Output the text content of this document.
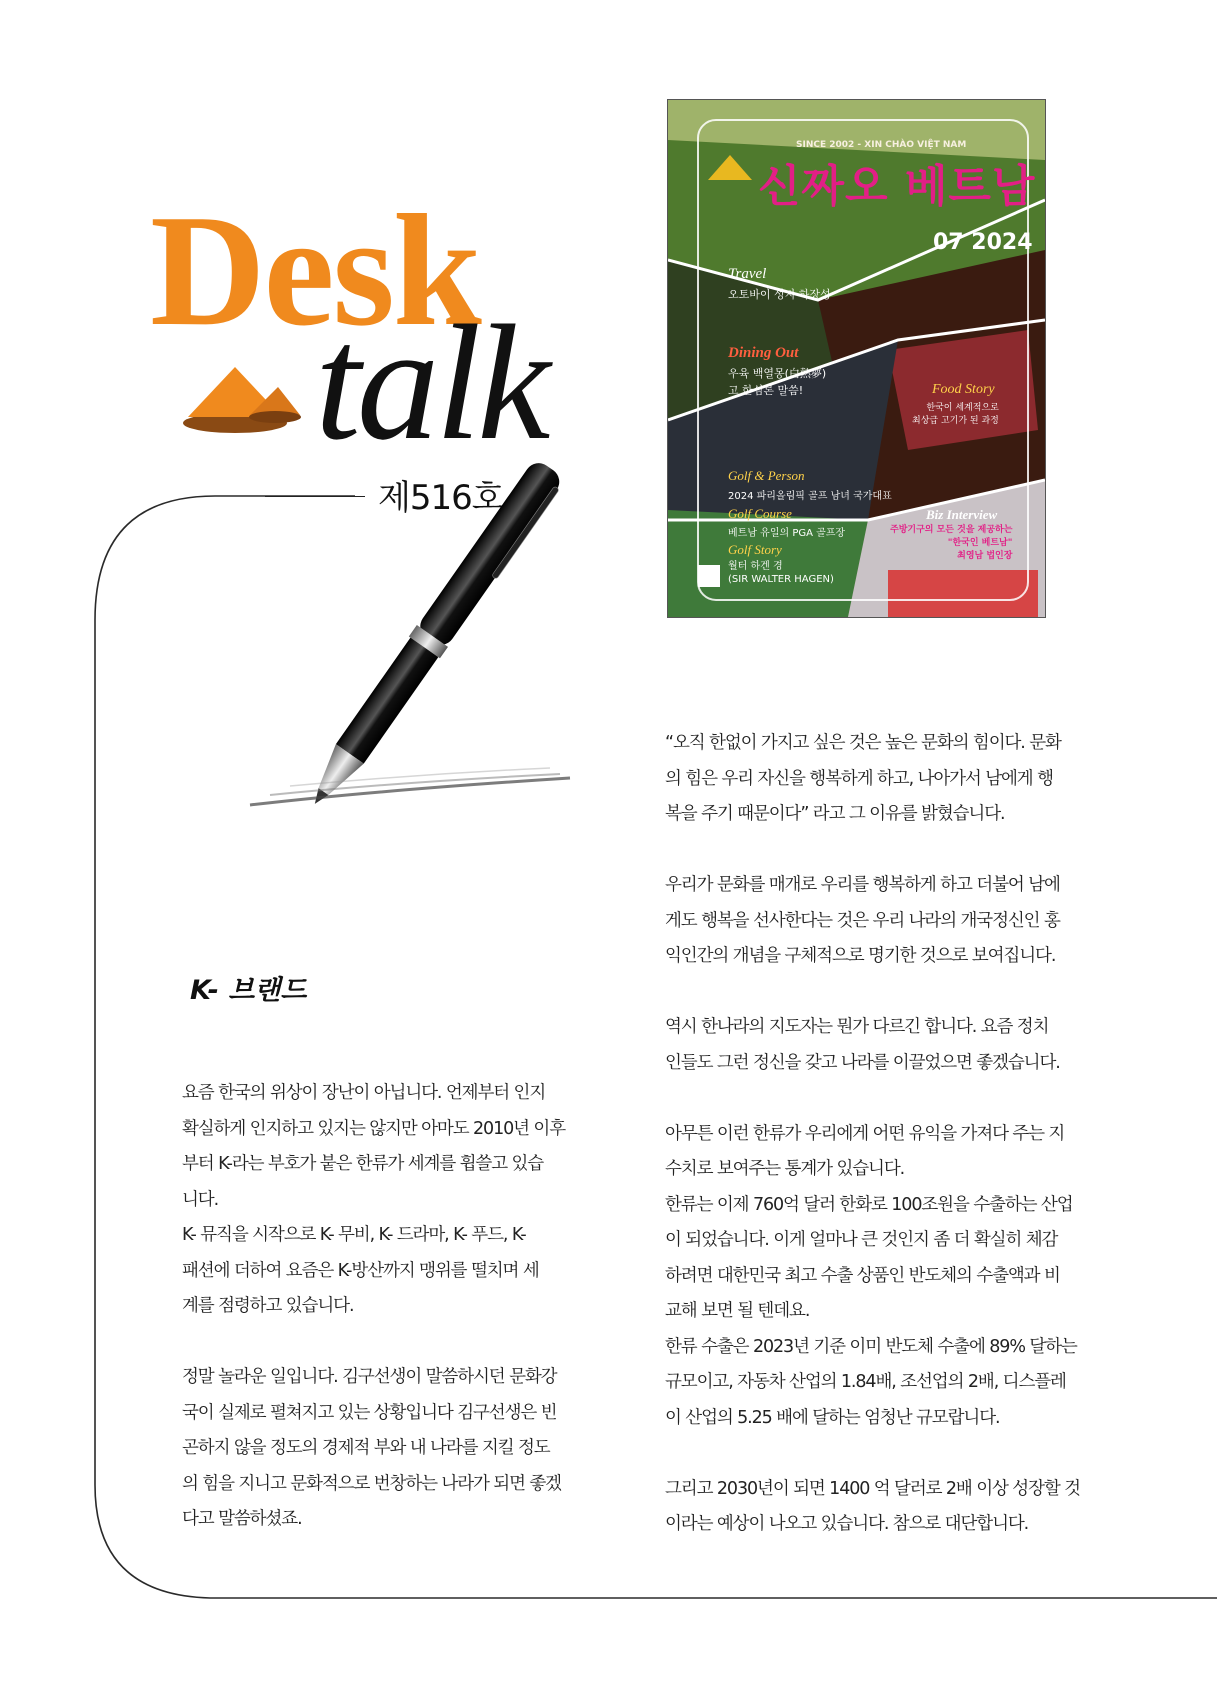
Desk
talk
제516호
SINCE 2002 - XIN CHÀO VIỆT NAM
신짜오 베트남
07 2024
Travel
오토바이 성지 하장성
Dining Out
우육 백열몽(白熱夢)
고 한심론 말씀!	Food Story
한국이 세계적으로
최상급 고기가 된 과정
Golf & Person
2024 파리올림픽 골프 남녀 국가대표
Golf Course
베트남 유일의 PGA 골프장
Golf Story
월터 하겐 경
(SIR WALTER HAGEN)
Biz Interview
주방기구의 모든 것을 제공하는
"한국인 베트남"
최영남 법인장
K- 브랜드

요즘 한국의 위상이 장난이 아닙니다. 언제부터 인지

확실하게 인지하고 있지는 않지만 아마도 2010년 이후

부터 K-라는 부호가 붙은 한류가 세계를 휩쓸고 있습

니다.

K- 뮤직을 시작으로 K- 무비, K- 드라마, K- 푸드, K-

패션에 더하여 요즘은 K-방산까지 맹위를 떨치며 세

계를 점령하고 있습니다.

정말 놀라운 일입니다. 김구선생이 말씀하시던 문화강

국이 실제로 펼쳐지고 있는 상황입니다 김구선생은 빈

곤하지 않을 정도의 경제적 부와 내 나라를 지킬 정도

의 힘을 지니고 문화적으로 번창하는 나라가 되면 좋겠

다고 말씀하셨죠.

“오직 한없이 가지고 싶은 것은 높은 문화의 힘이다. 문화

의 힘은 우리 자신을 행복하게 하고, 나아가서 남에게 행

복을 주기 때문이다” 라고 그 이유를 밝혔습니다.

우리가 문화를 매개로 우리를 행복하게 하고 더불어 남에

게도 행복을 선사한다는 것은 우리 나라의 개국정신인 홍

익인간의 개념을 구체적으로 명기한 것으로 보여집니다.

역시 한나라의 지도자는 뭔가 다르긴 합니다. 요즘 정치

인들도 그런 정신을 갖고 나라를 이끌었으면 좋겠습니다.

아무튼 이런 한류가 우리에게 어떤 유익을 가져다 주는 지

수치로 보여주는 통계가 있습니다.

한류는 이제 760억 달러 한화로 100조원을 수출하는 산업

이 되었습니다. 이게 얼마나 큰 것인지 좀 더 확실히 체감

하려면 대한민국 최고 수출 상품인 반도체의 수출액과 비

교해 보면 될 텐데요.

한류 수출은 2023년 기준 이미 반도체 수출에 89% 달하는

규모이고, 자동차 산업의 1.84배, 조선업의 2배, 디스플레

이 산업의 5.25 배에 달하는 엄청난 규모랍니다.

그리고 2030년이 되면 1400 억 달러로 2배 이상 성장할 것

이라는 예상이 나오고 있습니다. 참으로 대단합니다.
